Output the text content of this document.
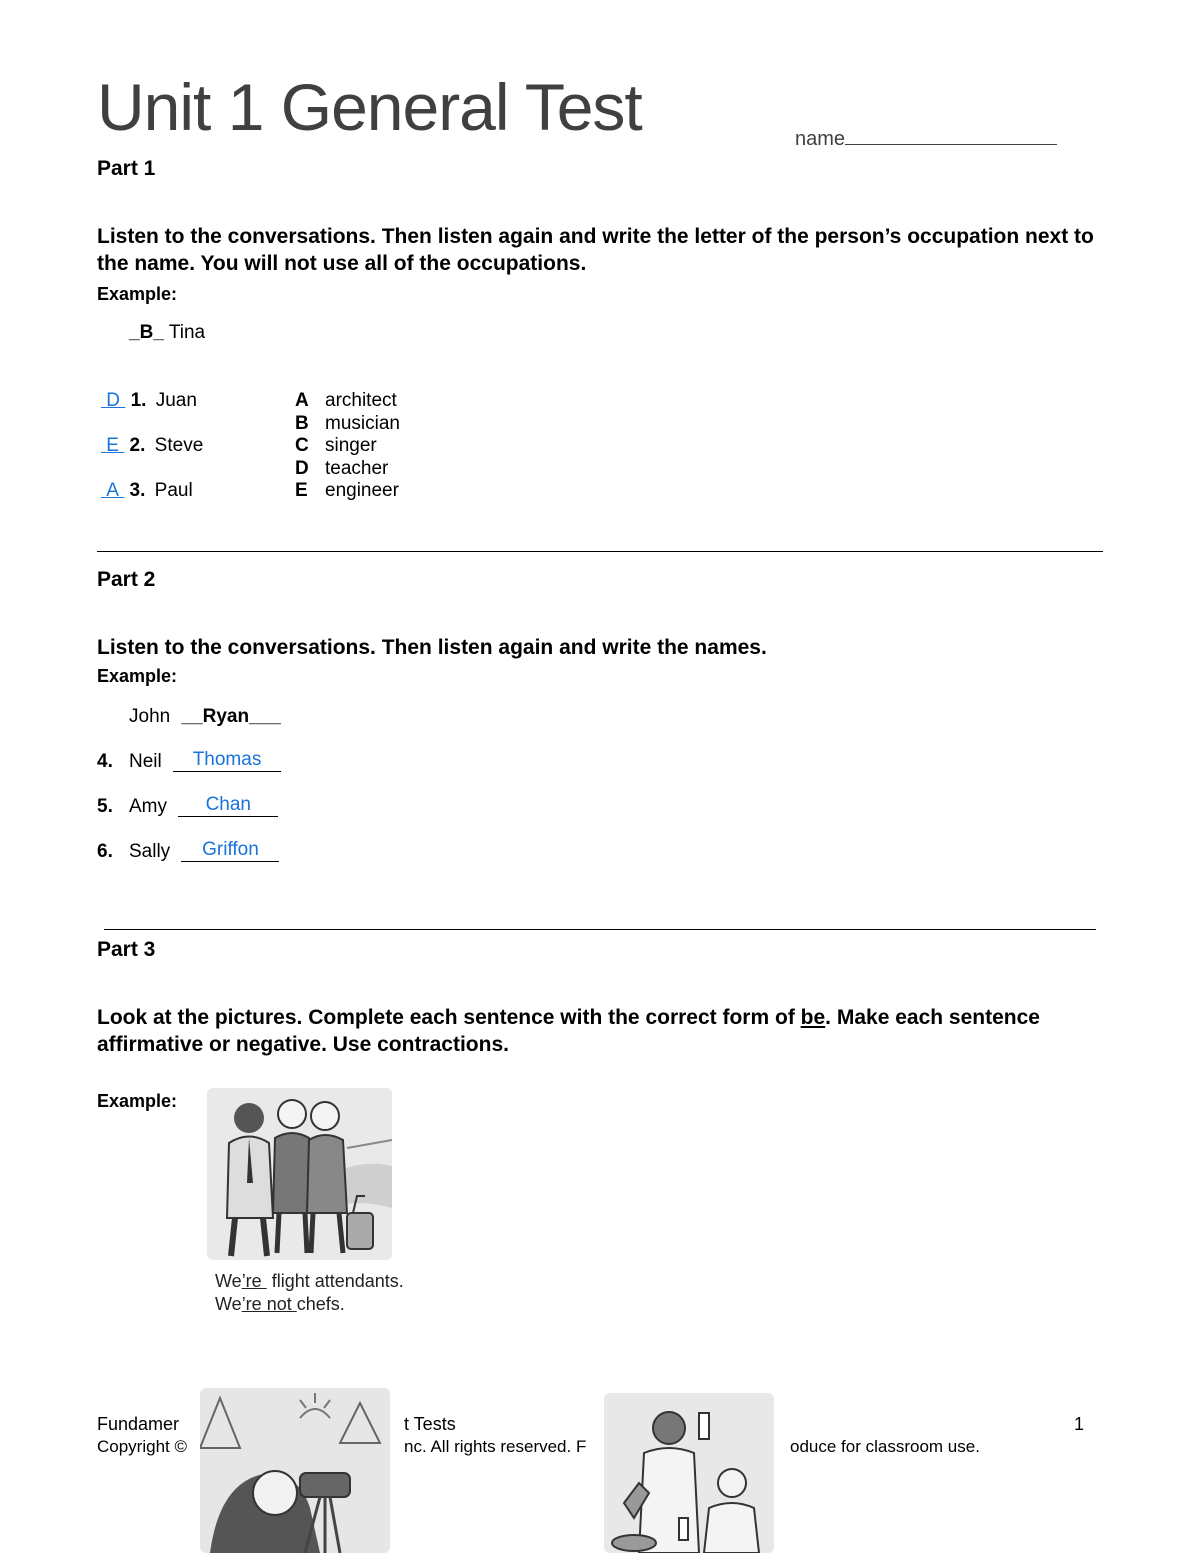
Unit 1 General Test	name
Part 1
Listen to the conversations. Then listen again and write the letter of the person’s occupation next to the name. You will not use all of the occupations.
Example:
_B_ Tina
D 1. Juan
E 2. Steve
A 3. Paul
A architect
B musician
C singer
D teacher
E engineer
Part 2
Listen to the conversations. Then listen again and write the names.
Example:
John __Ryan___
4. Neil Thomas
5. Amy Chan
6. Sally Griffon
Part 3
Look at the pictures. Complete each sentence with the correct form of be. Make each sentence affirmative or negative. Use contractions.
Example:
We’re  flight attendants.
We’re not chefs.
Fundamer	t Tests	1
Copyright ©	nc. All rights reserved. F	oduce for classroom use.
